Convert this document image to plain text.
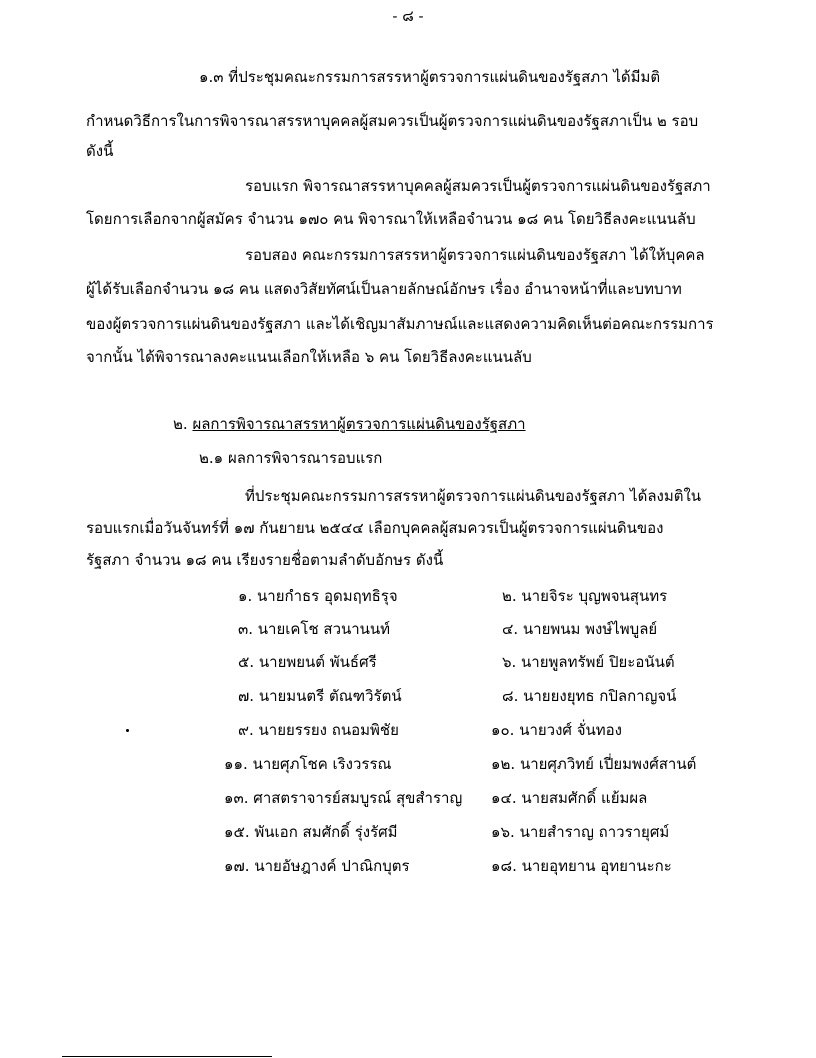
- ๘ -
๑.๓ ที่ประชุมคณะกรรมการสรรหาผู้ตรวจการแผ่นดินของรัฐสภา ได้มีมติ
กำหนดวิธีการในการพิจารณาสรรหาบุคคลผู้สมควรเป็นผู้ตรวจการแผ่นดินของรัฐสภาเป็น ๒ รอบ
ดังนี้
รอบแรก พิจารณาสรรหาบุคคลผู้สมควรเป็นผู้ตรวจการแผ่นดินของรัฐสภา
โดยการเลือกจากผู้สมัคร จำนวน ๑๗๐ คน พิจารณาให้เหลือจำนวน ๑๘ คน โดยวิธีลงคะแนนลับ
รอบสอง คณะกรรมการสรรหาผู้ตรวจการแผ่นดินของรัฐสภา ได้ให้บุคคล
ผู้ได้รับเลือกจำนวน ๑๘ คน แสดงวิสัยทัศน์เป็นลายลักษณ์อักษร เรื่อง อำนาจหน้าที่และบทบาท
ของผู้ตรวจการแผ่นดินของรัฐสภา และได้เชิญมาสัมภาษณ์และแสดงความคิดเห็นต่อคณะกรรมการ
จากนั้น ได้พิจารณาลงคะแนนเลือกให้เหลือ ๖ คน โดยวิธีลงคะแนนลับ
๒. ผลการพิจารณาสรรหาผู้ตรวจการแผ่นดินของรัฐสภา
๒.๑ ผลการพิจารณารอบแรก
ที่ประชุมคณะกรรมการสรรหาผู้ตรวจการแผ่นดินของรัฐสภา ได้ลงมติใน
รอบแรกเมื่อวันจันทร์ที่ ๑๗ กันยายน ๒๕๔๔ เลือกบุคคลผู้สมควรเป็นผู้ตรวจการแผ่นดินของ
รัฐสภา จำนวน ๑๘ คน เรียงรายชื่อตามลำดับอักษร ดังนี้
๑. นายกำธร อุดมฤทธิรุจ	๒. นายจิระ บุญพจนสุนทร
๓. นายเคโช สวนานนท์	๔. นายพนม พงษ์ไพบูลย์
๕. นายพยนต์ พันธ์ศรี	๖. นายพูลทรัพย์ ปิยะอนันต์
๗. นายมนตรี ตัณฑวิรัตน์	๘. นายยงยุทธ กปิลกาญจน์
๙. นายยรรยง ถนอมพิชัย	๑๐. นายวงศ์ จั่นทอง
๑๑. นายศุภโชค เริงวรรณ	๑๒. นายศุภวิทย์ เปี่ยมพงศ์สานต์
๑๓. ศาสตราจารย์สมบูรณ์ สุขสำราญ ๑๔. นายสมศักดิ์ แย้มผล
๑๕. พันเอก สมศักดิ์ รุ่งรัศมี	๑๖. นายสำราญ ถาวรายุศม์
๑๗. นายอัษฎางค์ ปาณิกบุตร	๑๘. นายอุทยาน อุทยานะกะ
